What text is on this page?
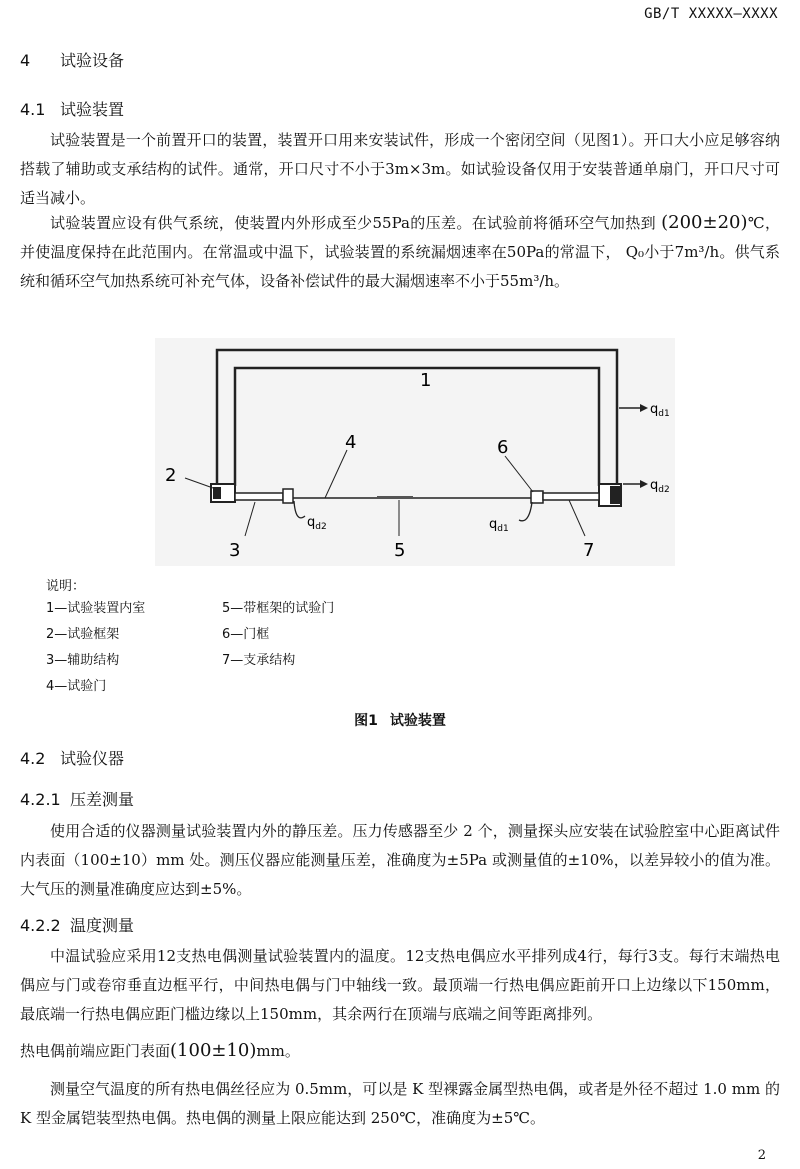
GB/T XXXXX—XXXX
4 试验设备
4.1 试验装置
试验装置是一个前置开口的装置，装置开口用来安装试件，形成一个密闭空间（见图1）。开口大小应足够容纳搭载了辅助或支承结构的试件。通常，开口尺寸不小于3m×3m。如试验设备仅用于安装普通单扇门，开口尺寸可适当减小。
试验装置应设有供气系统，使装置内外形成至少55Pa的压差。在试验前将循环空气加热到 (200±20)℃，并使温度保持在此范围内。在常温或中温下，试验装置的系统漏烟速率在50Pa的常温下， Q₀小于7m³/h。供气系统和循环空气加热系统可补充气体，设备补偿试件的最大漏烟速率不小于55m³/h。
1
2
3
4
5
6
7
$q_{d1}$
$q_{d2}$
$q_{d2}$	$q_{d1}$
说明：
1—试验装置内室
2—试验框架
3—辅助结构
4—试验门
5—带框架的试验门
6—门框
7—支承结构
图1 试验装置
4.2 试验仪器
4.2.1 压差测量
使用合适的仪器测量试验装置内外的静压差。压力传感器至少 2 个，测量探头应安装在试验腔室中心距离试件内表面（100±10）mm 处。测压仪器应能测量压差，准确度为±5Pa 或测量值的±10%，以差异较小的值为准。大气压的测量准确度应达到±5%。
4.2.2 温度测量
中温试验应采用12支热电偶测量试验装置内的温度。12支热电偶应水平排列成4行，每行3支。每行末端热电偶应与门或卷帘垂直边框平行，中间热电偶与门中轴线一致。最顶端一行热电偶应距前开口上边缘以下150mm，最底端一行热电偶应距门槛边缘以上150mm，其余两行在顶端与底端之间等距离排列。
热电偶前端应距门表面(100±10)mm。
测量空气温度的所有热电偶丝径应为 0.5mm，可以是 K 型裸露金属型热电偶，或者是外径不超过 1.0 mm 的 K 型金属铠装型热电偶。热电偶的测量上限应能达到 250℃，准确度为±5℃。
2
